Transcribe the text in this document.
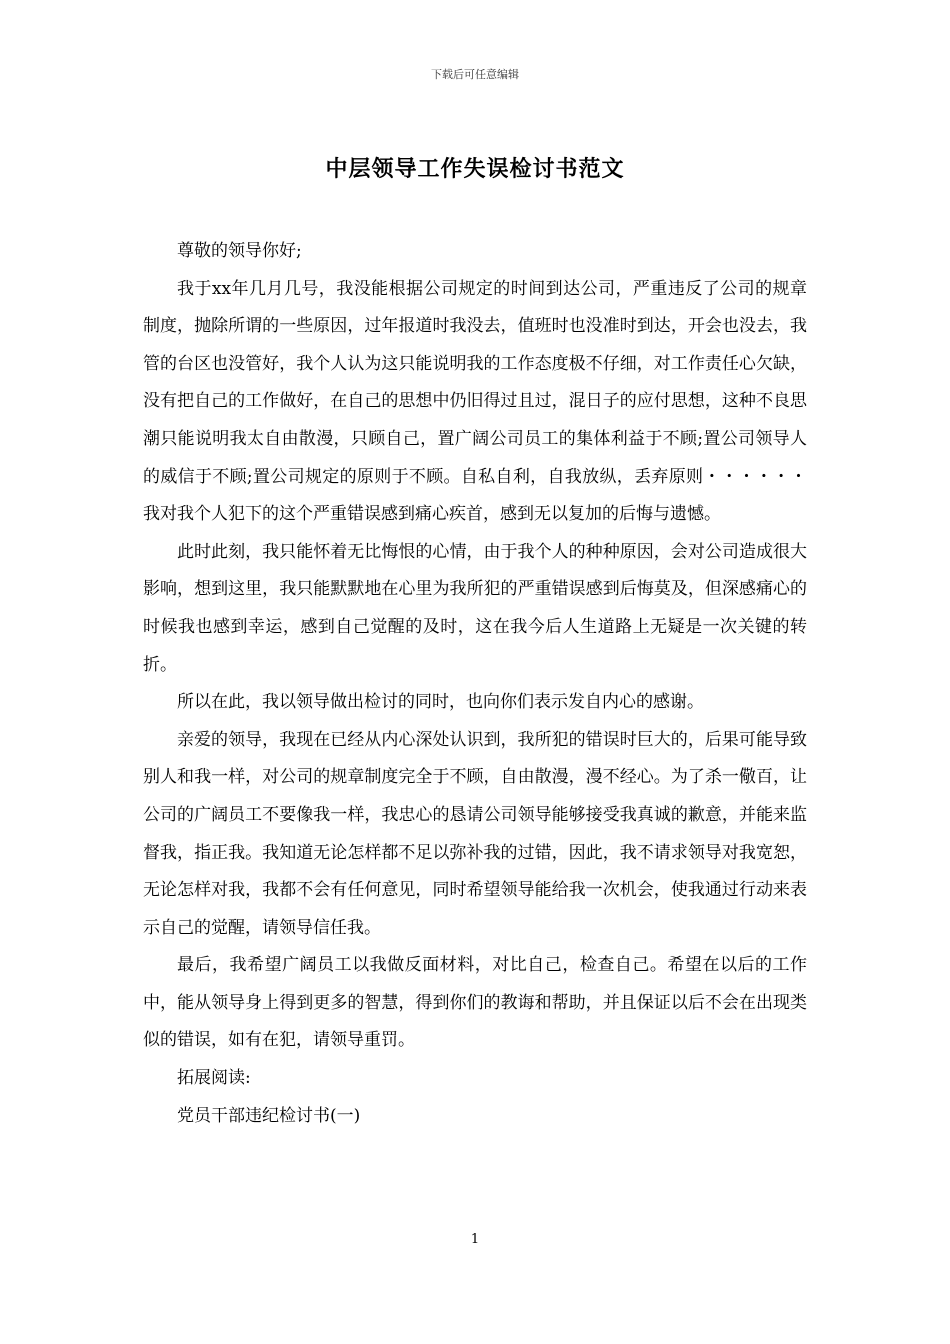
下载后可任意编辑
中层领导工作失误检讨书范文

尊敬的领导你好;

我于xx年几月几号，我没能根据公司规定的时间到达公司，严重违反了公司的规章制度，抛除所谓的一些原因，过年报道时我没去，值班时也没准时到达，开会也没去，我管的台区也没管好，我个人认为这只能说明我的工作态度极不仔细，对工作责任心欠缺，没有把自己的工作做好，在自己的思想中仍旧得过且过，混日子的应付思想，这种不良思潮只能说明我太自由散漫，只顾自己，置广阔公司员工的集体利益于不顾;置公司领导人的威信于不顾;置公司规定的原则于不顾。自私自利，自我放纵，丢弃原则・・・・・・我对我个人犯下的这个严重错误感到痛心疾首，感到无以复加的后悔与遗憾。

此时此刻，我只能怀着无比悔恨的心情，由于我个人的种种原因，会对公司造成很大影响，想到这里，我只能默默地在心里为我所犯的严重错误感到后悔莫及，但深感痛心的时候我也感到幸运，感到自己觉醒的及时，这在我今后人生道路上无疑是一次关键的转折。

所以在此，我以领导做出检讨的同时，也向你们表示发自内心的感谢。

亲爱的领导，我现在已经从内心深处认识到，我所犯的错误时巨大的，后果可能导致别人和我一样，对公司的规章制度完全于不顾，自由散漫，漫不经心。为了杀一儆百，让公司的广阔员工不要像我一样，我忠心的恳请公司领导能够接受我真诚的歉意，并能来监督我，指正我。我知道无论怎样都不足以弥补我的过错，因此，我不请求领导对我宽恕，无论怎样对我，我都不会有任何意见，同时希望领导能给我一次机会，使我通过行动来表示自己的觉醒，请领导信任我。

最后，我希望广阔员工以我做反面材料，对比自己，检查自己。希望在以后的工作中，能从领导身上得到更多的智慧，得到你们的教诲和帮助，并且保证以后不会在出现类似的错误，如有在犯，请领导重罚。

拓展阅读:

党员干部违纪检讨书(一)

1
